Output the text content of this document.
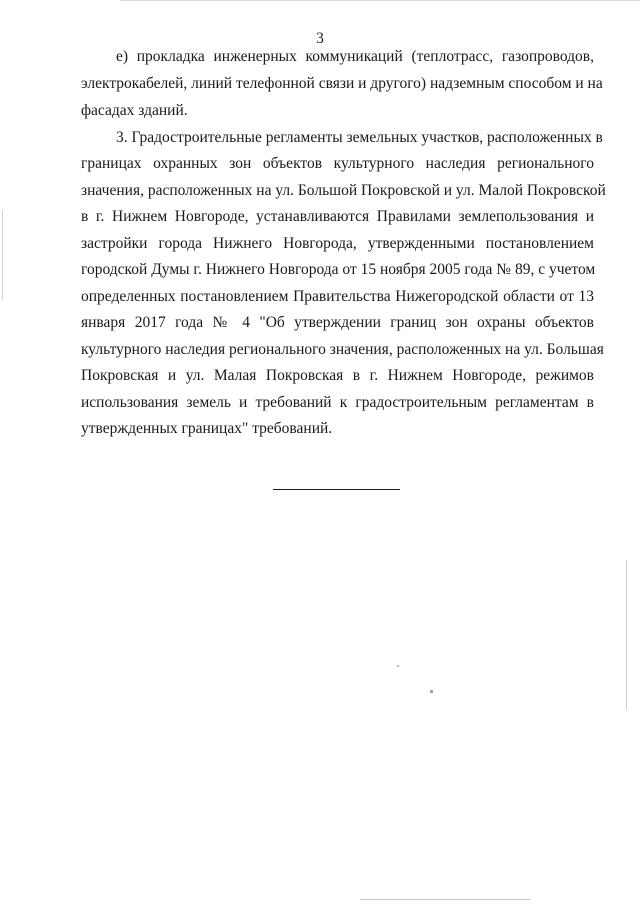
3
е) прокладка инженерных коммуникаций (теплотрасс, газопроводов,
электрокабелей, линий телефонной связи и другого) надземным способом и на
фасадах зданий.
3. Градостроительные регламенты земельных участков, расположенных в
границах охранных зон объектов культурного наследия регионального
значения, расположенных на ул. Большой Покровской и ул. Малой Покровской
в г. Нижнем Новгороде, устанавливаются Правилами землепользования и
застройки города Нижнего Новгорода, утвержденными постановлением
городской Думы г. Нижнего Новгорода от 15 ноября 2005 года № 89, с учетом
определенных постановлением Правительства Нижегородской области от 13
января 2017 года № 4 "Об утверждении границ зон охраны объектов
культурного наследия регионального значения, расположенных на ул. Большая
Покровская и ул. Малая Покровская в г. Нижнем Новгороде, режимов
использования земель и требований к градостроительным регламентам в
утвержденных границах" требований.
